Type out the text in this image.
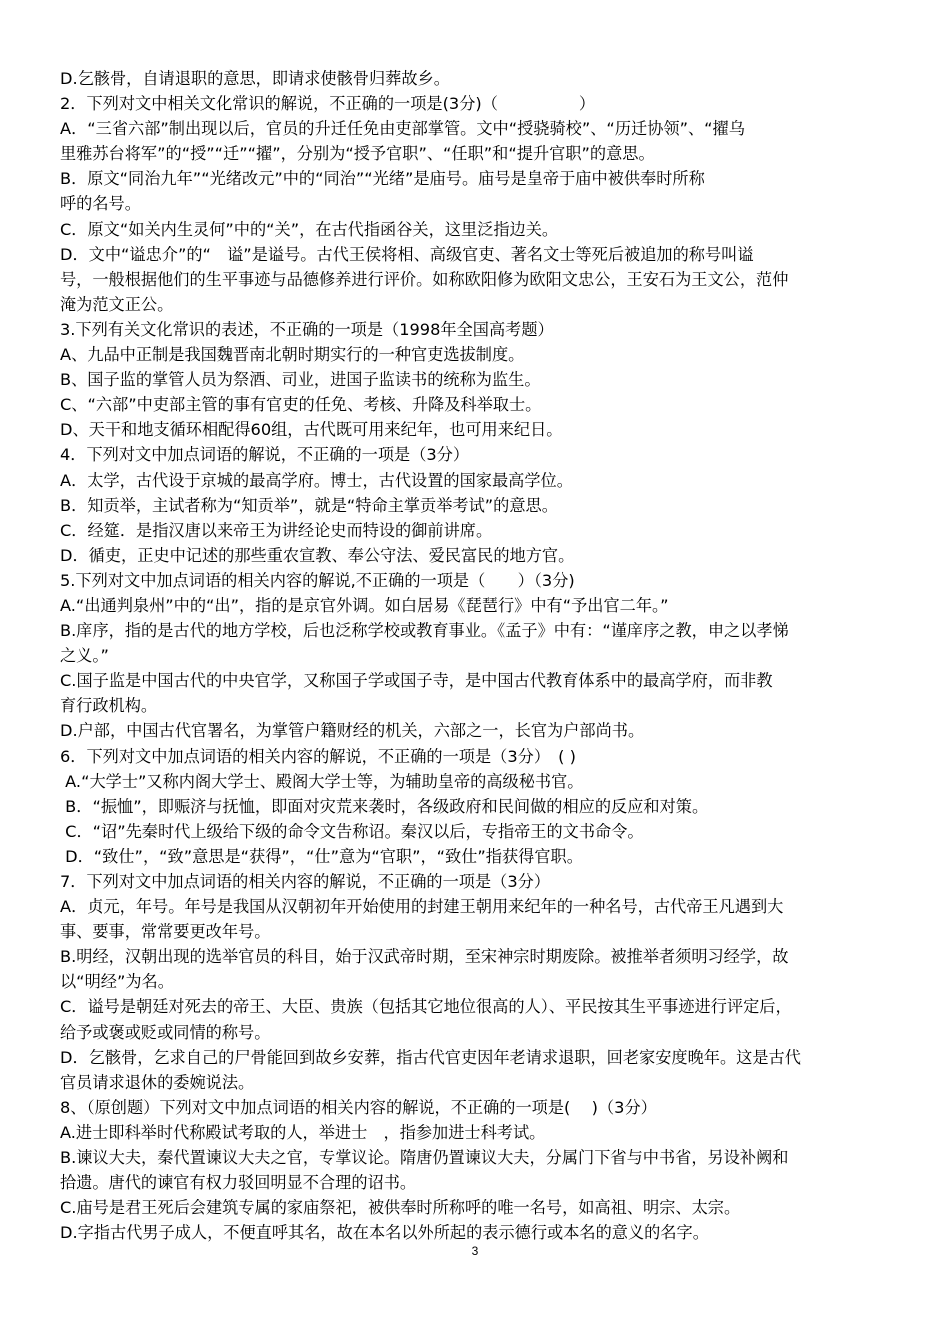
D.乞骸骨，自请退职的意思，即请求使骸骨归葬故乡。
2．下列对文中相关文化常识的解说，不正确的一项是(3分)（　　　　　）
A．“三省六部”制出现以后，官员的升迁任免由吏部掌管。文中“授骁骑校”、“历迁协领”、“擢乌
里雅苏台将军”的“授”“迁”“擢”，分别为“授予官职”、“任职”和“提升官职”的意思。
B．原文“同治九年”“光绪改元”中的“同治”“光绪”是庙号。庙号是皇帝于庙中被供奉时所称
呼的名号。
C．原文“如关内生灵何”中的“关”，在古代指函谷关，这里泛指边关。
D．文中“谥忠介”的“　谥”是谥号。古代王侯将相、高级官吏、著名文士等死后被追加的称号叫谥
号，一般根据他们的生平事迹与品德修养进行评价。如称欧阳修为欧阳文忠公，王安石为王文公，范仲
淹为范文正公。
3.下列有关文化常识的表述，不正确的一项是（1998年全国高考题）
A、九品中正制是我国魏晋南北朝时期实行的一种官吏选拔制度。
B、国子监的掌管人员为祭酒、司业，进国子监读书的统称为监生。
C、“六部”中吏部主管的事有官吏的任免、考核、升降及科举取士。
D、天干和地支循环相配得60组，古代既可用来纪年，也可用来纪日。
4．下列对文中加点词语的解说，不正确的一项是（3分）
A．太学，古代设于京城的最高学府。博士，古代设置的国家最高学位。
B．知贡举，主试者称为“知贡举”，就是“特命主掌贡举考试”的意思。
C．经筵．是指汉唐以来帝王为讲经论史而特设的御前讲席。
D．循吏，正史中记述的那些重农宣教、奉公守法、爱民富民的地方官。
5.下列对文中加点词语的相关内容的解说,不正确的一项是（　　）（3分)
A.“出通判泉州”中的“出”，指的是京官外调。如白居易《琵琶行》中有“予出官二年。”
B.庠序，指的是古代的地方学校，后也泛称学校或教育事业。《孟子》中有：“谨庠序之教，申之以孝悌
之义。”
C.国子监是中国古代的中央官学，又称国子学或国子寺，是中国古代教育体系中的最高学府，而非教
育行政机构。
D.户部，中国古代官署名，为掌管户籍财经的机关，六部之一，长官为户部尚书。
6．下列对文中加点词语的相关内容的解说，不正确的一项是（3分）　( )
A.“大学士”又称内阁大学士、殿阁大学士等，为辅助皇帝的高级秘书官。
B．“振恤”，即赈济与抚恤，即面对灾荒来袭时，各级政府和民间做的相应的反应和对策。
C．“诏”先秦时代上级给下级的命令文告称诏。秦汉以后，专指帝王的文书命令。
D．“致仕”，“致”意思是“获得”，“仕”意为“官职”，“致仕”指获得官职。
7．下列对文中加点词语的相关内容的解说，不正确的一项是（3分）
A．贞元，年号。年号是我国从汉朝初年开始使用的封建王朝用来纪年的一种名号，古代帝王凡遇到大
事、要事，常常要更改年号。
B.明经，汉朝出现的选举官员的科目，始于汉武帝时期，至宋神宗时期废除。被推举者须明习经学，故
以“明经”为名。
C．谥号是朝廷对死去的帝王、大臣、贵族（包括其它地位很高的人）、平民按其生平事迹进行评定后，
给予或褒或贬或同情的称号。
D．乞骸骨，乞求自己的尸骨能回到故乡安葬，指古代官吏因年老请求退职，回老家安度晚年。这是古代
官员请求退休的委婉说法。
8、（原创题）下列对文中加点词语的相关内容的解说，不正确的一项是(　 )（3分）
A.进士即科举时代称殿试考取的人，举进士　，指参加进士科考试。
B.谏议大夫，秦代置谏议大夫之官，专掌议论。隋唐仍置谏议大夫，分属门下省与中书省，另设补阙和
拾遗。唐代的谏官有权力驳回明显不合理的诏书。
C.庙号是君王死后会建筑专属的家庙祭祀，被供奉时所称呼的唯一名号，如高祖、明宗、太宗。
D.字指古代男子成人，不便直呼其名，故在本名以外所起的表示德行或本名的意义的名字。
3
